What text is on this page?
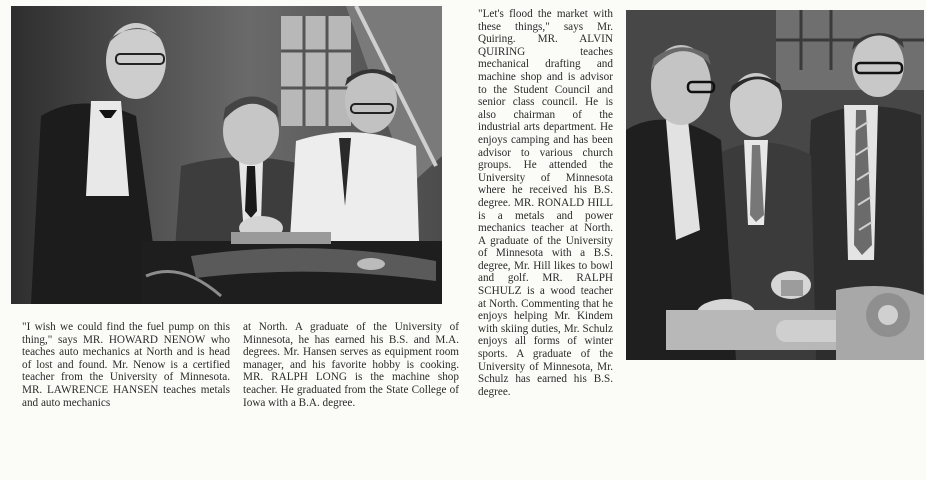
"I wish we could find the fuel pump on this thing," says MR. HOWARD NENOW who teaches auto mechanics at North and is head of lost and found. Mr. Nenow is a certified teacher from the University of Minnesota. MR. LAWRENCE HANSEN teaches metals and auto mechanics

at North. A graduate of the University of Minnesota, he has earned his B.S. and M.A. degrees. Mr. Hansen serves as equipment room manager, and his favorite hobby is cooking. MR. RALPH LONG is the machine shop teacher. He graduated from the State College of Iowa with a B.A. degree.

"Let's flood the market with these things," says Mr. Quiring. MR. ALVIN QUIRING teaches mechanical drafting and machine shop and is advisor to the Student Council and senior class council. He is also chairman of the industrial arts department. He enjoys camping and has been advisor to various church groups. He attended the University of Minnesota where he received his B.S. degree. MR. RONALD HILL is a metals and power mechanics teacher at North. A graduate of the University of Minnesota with a B.S. degree, Mr. Hill likes to bowl and golf. MR. RALPH SCHULZ is a wood teacher at North. Commenting that he enjoys helping Mr. Kindem with skiing duties, Mr. Schulz enjoys all forms of winter sports. A graduate of the University of Minnesota, Mr. Schulz has earned his B.S. degree.
